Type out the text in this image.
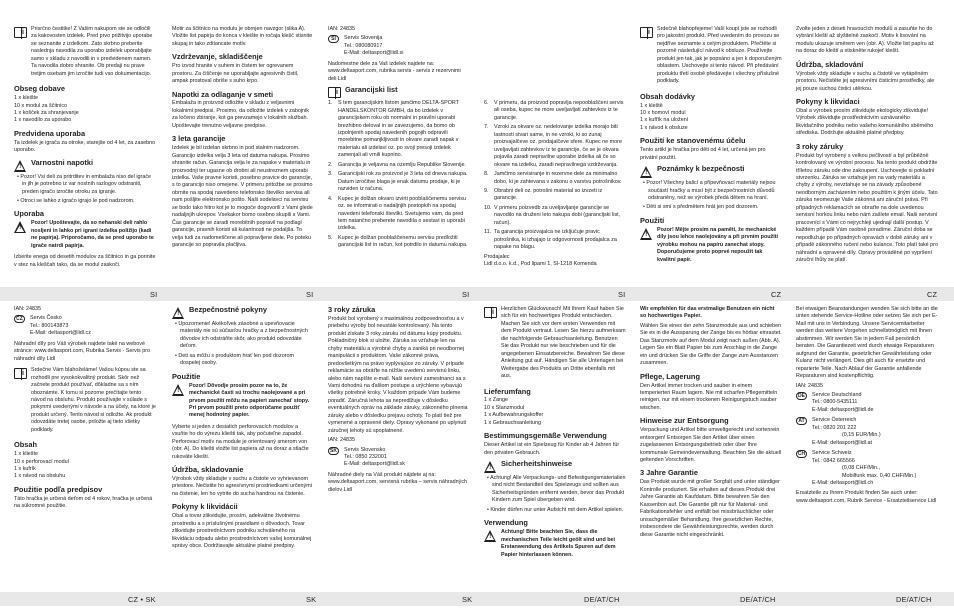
i Prisrčno čestitke! Z Vašim nakupom ste se odločili za kakovosten izdelek. Pred prvo prižitvijo uporabe se seznanite z izdelkom. Zato skrbno preberite naslednja navodila za uporabo izdelek uporabljajte samo v skladu z navodili in v predvidenem namen. Ta navodila dobro shranite. Ob predaji nu prave tretjim osebam jim izročite tudi vso dokumentacijo.

Obseg dobave

1 x kleište

10 x modul za ščitnico

1 x košček za shranjevanje

1 x navodilo za uporabo

Predvidena uporaba

Ta izdelek je igrača za otroke, starejše od 4 let, za zasebno uporabo.

! Varnostni napotki

• Pozor! Vsi deli za pritrditev in embalaža niso del igrače in jih je potrebno iz var nostnih razlogov odstraniti, preden igračo izročite otroku za igranje.

• Otroci se lahko z igračo igrajo le pod nadzorom.

Uporaba
!

Pozor! Upoštevajte, da so nehanski deli rahlo nosljeni in lahko pri igrani izdelka poližijo (kadi ne papirja). Priporočamo, da se pred uporabo te igrače natrdi papirja.

Izberite enega od desetih modulov za ščitnico in ga porinite v stez na kleščah tako, da se modul zaskoči.

Motir za ščitnico na modulu je obrnjen navzgor (slika A). Vložite list papirja do konca v kleište in ročaja klešč stisnite skupaj in tako zdtiancate motiv.

Vzdrževanje, skladiščenje

Pro izvod hranite v suhem in čistem ter ogrevanem prostoru. Za čiščenje ne uporabljajte agresivnih čistil, ampak prostoval obriše s suho krpo.

Napotki za odlaganje v smeti

Embalaža in proizvod odložite v skladu z veljavnimi lokalnimi predpisi. Prosimo, da odložite izdelek v zabojnik za ločeno zbiranje, kot ga prevzamejo v lokalnih službah. Upoštevajte trenutno veljavne predpise.

3 leta garancije

Izdelek je bil izdelan skrbno in pod stalnim nadzorom. Garancijo izdelka velja 3 leta od datuma nakupa. Prosimo shranite račun. Garancija velja le za napake v materialu in proizvodnji ter ugasne ob drobni ali neustreznem uporabi izdelka. Vaše pravne koristi, posebno pravice do garancije, s to garancijo niso omejene. V primeru pritožbe se prosimo obrnite na spodaj navedeno telefonsko številko servisa ali nam pošljite elektronsko pošto. Naši sodelavci na servisu se bodo tako hitro kot je to mogoče dogovorili z Vami glede nadaljnjih ukrepov. Vsekakor bomo osebno skupili s Vami. Čas garancije se zaradi morebitnih popravil na podlagi garancije, pravnih koristi ali kulantnosti ne podaljša. To velja tudi za nadomeščene ali popravljene dele. Po poteku garancije so popravila plačljiva.

IAN: 24835

SI	Servis Slovenija

Tel.: 080080917

E-Mail: deltasport@lidl.si

Nadomestne dele za Vaš izdelek najdete na: www.deltasport.com, rubrika servis - servis z rezervnimi deli Lidl

i Garancijski list
1.	S tem garancijskim listom jamčimo DELTA-SPORT HANDELSKONTOR GMBH, da bo izdelek v garancijskem roku ob normalni in pravilni uporabi brezhibno deloval in se zavezujemo, da bomo ob izpolnjenih spodaj navedenih pogojih odpravili morebitne pomanjkljivosti in okvare zaradi napak v materialu ali izdelavi oz. po svoji presoji izdelek zamenjali ali vrnili kupnino.
2.	Garancija je veljavna na ozemlju Republike Slovenije.
3.	Garancijski rok za proizvod je 3 leta od dneva nakupa. Datum izročitve blaga je enak datumu prodaje, ki je razviden iz računa.
4.	Kupec je dolžan okvaro izvirti pooblaščenemu servisu oz. se informirati o nadaljnjih postopkih na spodaj navedeni telefonski številki. Svetujemo vam, da pred tem natančno preberete navodila o sestavi in uporabi izdelka.
5.	Kupec je dolžan pooblaščenemu servisu predložiti garancijski list in račun, kot potrdilo in datumu nakupa.
6.	V primeru, da proizvod popravlja nepooblaščeni servis ali oseba, kupec ne more uveljavljati zahtevkov iz te garancije.
7.	Vzroki za okvare oz. nedelovanje izdelka morajo biti lastnosti stvari same, in ne vzroki, ki so zunaj proizvajalčeve oz. prodajalčeve sfere. Kupec ne more uveljavljati zahtevkov iz te garancije, če se je okvara pojavila zaradi nepravilne uporabe izdelka ali če so okvare na izdelku, zaradi nepravilnega vzdrževanja.
8.	Jamčimo servisiranje in rezervne dele za minimalno dobo, ki je zahtevana v zakonu o varstvu potrošnikov.
9.	Obrabni deli oz. potrošni material so izvzeti iz garancije.
10. V primeru poizvedb za uveljavljanje garancije se navodilo na druženi leto nakupa dobi (garancijski list, račun).
11. Ta garancija proizvajalca ne izključuje pravic potrošnika, ki izhajajo iz odgovornosti prodajalca za napake na blagu.

Prodajalec

Lidl d.o.o. k.d., Pod lipami 1, SI-1218 Komenda

i Srdečně blahopřejeme! Vaší koupí jste se rozhodli pro jakostní produkt. Před uvedením do provozu se nejdříve seznamte s celým produktem. Přečtěte si pozorně následující návod k obsluze. Používejte produkt jen tak, jak je popsáno a jen k doporučeným oblastem. Uschovejte si tento návod. Při předávání produktu třetí osobě předávejte i všechny příslušné podklady.

Obsah dodávky

1 x kleště

10 x homoví modul

1 x kufřík na uložení

1 x návod k obsluze

Použití ke stanovenému účelu

Tento artikl je hračka pro děti od 4 let, určená jen pro privátní použití.

! Poznámky k bezpečnosti

• Pozor! Všechny balicí a připevňovací materiály nejsou součástí hračky a musí být z bezpečnostních důvodů odstraněny, než se výrobek předá dětem na hraní.

• Děti si smí s předmětem hrát jen pod dozorem.

Použití
!

Pozor! Mějte prosím na paměti, že mechanické díly jsou lehce naolejovány a při prvním použití výrobku mohou na papíru zanechat stopy. Doporučujeme proto poprvé nepoužít tak kvalitní papír.

Zvolte jeden z deseti hravoucích modulů a zasuňte ho do vybrání kleští až slyšitelně zaskočí. Motiv k lisování na modulu ukazuje směrem ven (obr. A). Vložte list papíru až na doraz do kleští a stiskněte rukojeť kleští.

Údržba, skladování

Výrobek vždy skladujte v suchu a čistotě ve vytápěném prostoru. Nečistěte jej agresivními čisticími prostředky, ale jej pouze suchou čisticí utěrkou.

Pokyny k likvidaci

Obal a výrobek prosím zlikvidujte ekologicky zlikvidujte! Výrobek zlikvidujte prostřednictvím uznávaného likvidačního podniku nebo vašeho komunálního sběrného střediska. Dodržujte aktuálně platné předpisy.

3 roky záruky

Produkt byl vyrobený s velkou pečlivostí a byl průběžně kontrolovaný ve výrobní procesu. Na tento produkt obdržíte tříletou záruku ode dne zakoupení. Uschovejte si pokladní stvrzenku. Záruka se vztahuje jen na vady materiálu a chyby z výroby, nevztahuje se na závady způsobené neodborným zacházením nebo použitím k jiným účelu. Tato záruka neomezuje Vaše zákonná ani záruční práva. Při případných reklamacích se obraťte na dole uvedenou servisní horkou linku nebo nám zašlete email. Naši servisní pracovníci s Vámi co nejrychleji ujednají další postup. V každém případě Vám osobně poradíme. Záruční doba se nepodlužuje po případných opravách v době záruky ani v případě zákonného ručení nebo kulance. Toto platí také pro náhradní a opravené díly. Opravy prováděné po vypršení záruční lhůty se platí.

SI	SI	SI	SI	CZ	CZ

IAN: 24835

CZ	Servis Česko

Tel.: 800143873

E-Mail: deltasport@lidl.cz

Náhradní díly pro Váš výrobek najdete také na webové stránce: www.deltasport.com, Rubrika Servis - Servis pro náhradní díly Lidl

i Srdečne Vám blahoželáme! Vašou kúpou ste sa rozhodli pre vysokokvalitný produkt. Skôr než začnete produkt používať, dôkladne sa s ním oboznámte. K tomu si pozorne prečítajte tento návod na obsluhu. Produkt používajte v súlade s pokynmi uvedenými v návode a na účely, na ktoré je produkt určený. Tento návod si odložte. Ak produkt odovzdáte tretej osobe, priložte aj tieto všetky podklady.

Obsah

1 x kliešte

10 x perforovací modul

1 x kufrík

1 x návod na obsluhu

Použitie podľa predpisov

Táto hračka je určená deťom od 4 rokov, hračka je určená na súkromné použitie.

! Bezpečnostné pokyny

• Upozornenie! Akékoľvek zásobné a upevňovacie materiály nie sú súčasťou hračky a z bezpečnostných dôvodov ich odstráňte skôr, ako produkt odovzdáte deťom.

• Deti sa môžu s produktom hrať len pod dozorom dospelej osoby.

Použitie
!

Pozor! Dôvodje prosím pozor na to, že mechanické časti sú trochu naolejované a pri prvom použití môžu na papieri zanechať stopy. Pri prvom použití preto odporúčame použiť menej hodnotný papier.

Vyberte si jeden z desiatich perforovacích modulov a vsuňte ho do výrezu kliešti tak, aby počuteľne zapadol. Perforovací motív na module je orientovaný smerom von (obr. A). Do kliešti vložte list papiera až na doraz a stlačte rukoväte kliešti.

Údržba, skladovanie

Výrobok vždy skladujte v suchu a čistote vo vyhrievanom priestore. Nečistite ho agresívnymi prostriedkami určenými na čistenie, len ho vytrite do sucha handrou na čistenie.

Pokyny k likvidácii

Obal a tovar zlikvidujte, prosím, adekvátne životnému prostrediu a s príslušnými pravidlami o dôvodoch. Tovar zlikvidujte prostredníctvom podniku schváleného na likvidáciu odpadu alebo prostredníctvom vašej komunálnej správy obce. Dodržiavajte aktuálne platné predpisy.

3 roky záruka

Produkt bol vyrobený s maximálnou zodpovednosťou a v priebehu výroby bol neustále kontrolovaný. Na tento produkt získate 3 roky záruku od dátumu kúpy produktu. Pokladničný blok si uložte. Záruka sa vzťahuje len na chyby materiálu a výrobné chyby a zaniká pri neodbornej manipulácii s produktom. Vaše zákonné práva, predovšetkým na právo vyplývajúce zo záruky. V prípade reklamácie sa obráťte na nižšie uvedenú servisnú linku, alebo nám napíšte e-mail. Naši servisní zamestnanci sa s Vami dohodnú na ďalšom postupe a urýchlene vybavujú všetky potrebné kroky. V každom prípade Vám budeme poradiť. Záručná lehota sa nepredlžuje v dôsledku eventuálnych opráv na základe záruky, zákonného plnenia záruky alebo v dôsledku prejavu ochoty. To platí tiež pre vymenené a opravené diely. Opravy vykonané po uplynutí záručnej lehoty sú spoplatnené.

IAN: 24835

SK	Servis Slovensko

Tel.: 0850 232001

E-Mail: deltasport@lidl.sk

Náhradné diely na Váš produkt nájdete aj na: www.deltasport.com, servisná rubrika – servis náhradných dielov Lidl

i Herzlichen Glückwunsch! Mit Ihrem Kauf haben Sie sich für ein hochwertiges Produkt entschieden. Machen Sie sich vor dem ersten Verwenden mit dem Produkt vertraut. Lesen Sie hierzu aufmerksam die nachfolgende Gebrauchsanleitung. Benutzen Sie das Produkt nur wie beschrieben und für die angegebenen Einsatzbereiche. Bewahren Sie diese Anleitung gut auf. Händigen Sie alle Unterlagen bei Weitergabe des Produkts an Dritte ebenfalls mit aus.

Lieferumfang

1 x Zange

10 x Stanzmodul

1 x Aufbewahrungskoffer

1 x Gebrauchsanleitung

Bestimmungsgemäße Verwendung

Dieser Artikel ist ein Spielzeug für Kinder ab 4 Jahren für den privaten Gebrauch.

! Sicherheitshinweise

• Achtung! Alle Verpackungs- und Befestigungsmaterialien sind nicht Bestandteil des Spielzeugs und sollten aus Sicherheitsgründen entfernt werden, bevor das Produkt Kindern zum Spiel übergeben wird.

• Kinder dürfen nur unter Aufsicht mit dem Artikel spielen.

Verwendung
!

Achtung! Bitte beachten Sie, dass die mechanischen Teile leicht geölt sind und bei Erstanwendung des Artikels Spuren auf dem Papier hinterlassen können.

Wir empfehlen für das erstmalige Benutzen ein nicht so hochwertiges Papier.

Wählen Sie eines der zehn Stanzmodule aus und schieben Sie es in die Aussparung der Zange bis es hörbar einrastet. Das Stanzmotiv auf dem Modul zeigt nach außen (Abb. A). Legen Sie ein Blatt Papier bis zum Anschlag in die Zange ein und drücken Sie die Griffe der Zange zum Ausstanzen zusammen.

Pflege, Lagerung

Den Artikel immer trocken und sauber in einem temperierten Raum lagern. Nie mit scharfen Pflegemitteln reinigen, nur mit einem trockenen Reinigungstuch sauber wischen.

Hinweise zur Entsorgung

Verpackung und Artikel bitte umweltgerecht und sortenrein entsorgen! Entsorgen Sie den Artikel über einen zugelassenen Entsorgungsbetrieb oder über Ihre kommunale Gemeindeverwaltung. Beachten Sie die aktuell geltenden Vorschriften.

3 Jahre Garantie

Das Produkt wurde mit großer Sorgfalt und unter ständiger Kontrolle produziert. Sie erhalten auf dieses Produkt drei Jahre Garantie ab Kaufdatum. Bitte bewahren Sie den Kassenbon auf. Die Garantie gilt nur für Material- und Fabrikationsfehler und entfällt bei missbräuchlicher oder unsachgemäßer Behandlung. Ihre gesetzlichen Rechte, insbesondere die Gewährleistungsrechte, werden durch diese Garantie nicht eingeschränkt.

Bei etwaigen Beanstandungen wenden Sie sich bitte an die unten stehende Service-Hotline oder setzen Sie sich per E-Mail mit uns in Verbindung. Unsere Servicemitarbeiter werden das weitere Vorgehen schnellstmöglich mit Ihnen abstimmen. Wir werden Sie in jedem Fall persönlich beraten. Die Garantiezeit wird durch etwaige Reparaturen aufgrund der Garantie, gesetzlicher Gewährleistung oder Kulanz nicht verlängert. Dies gilt auch für ersetzte und reparierte Teile. Nach Ablauf der Garantie anfallende Reparaturen sind kostenpflichtig.

IAN: 24835

DE	Service Deutschland

Tel.: 0800-5435111

E-Mail: deltasport@lidl.de

AT	Service Österreich

Tel.: 0820 201 222

(0,15 EUR/Min.)

E-Mail: deltasport@lidl.at

CH	Service Schweiz

Tel.: 0842 665566

(0,08 CHF/Min.,

Mobilfunk max. 0,40 CHF/Min.)

E-Mail: deltasport@lidl.ch

Ersatzteile zu Ihrem Produkt finden Sie auch unter: www.deltasport.com, Rubrik Service - Ersatzteilservice Lidl

CZ • SK	SK	SK	DE/AT/CH	DE/AT/CH	DE/AT/CH
